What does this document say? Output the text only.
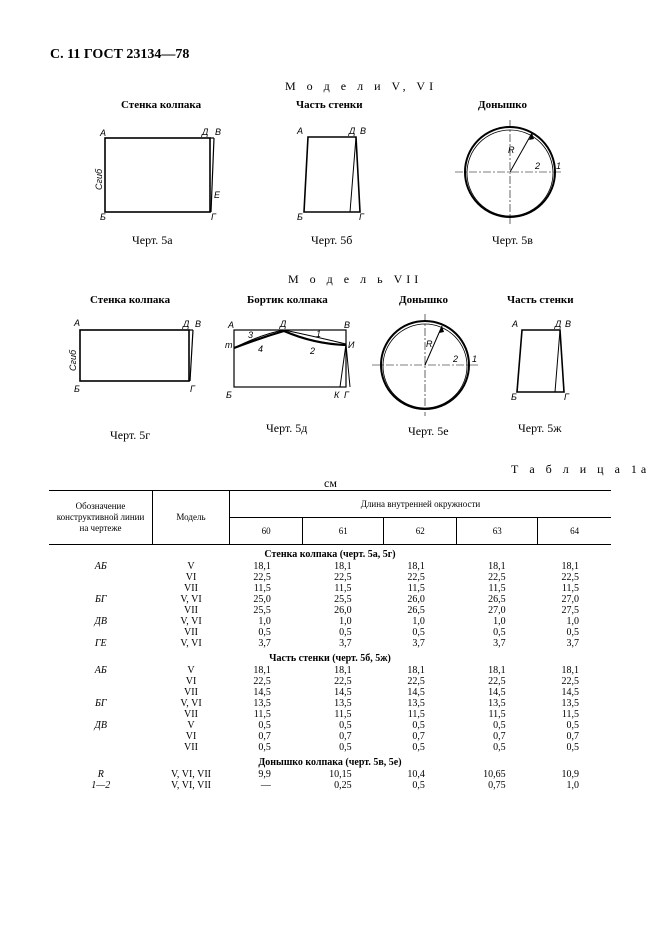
С. 11 ГОСТ 23134—78
М о д е л и V, VI
Стенка колпака	Часть стенки	Донышко
А	Д В
Е
Б	Г
Сгиб
А	Д В
Б	Г
R
2 1
Черт. 5а	Черт. 5б	Черт. 5в
М о д е л ь VII
Стенка колпака	Бортик колпака	Донышко	Часть стенки
А	Д В
Б	Г
Сгиб
А	Д	В
т	И
3
4
1
2
Б	К Г
R
2 1
А	Д В
Б	Г
Черт. 5г	Черт. 5д	Черт. 5е	Черт. 5ж
Т а б л и ц а 1а
см
Обозначение конструктивной линии на чертеже	Модель	Длина внутренней окружности				
		60	61	62	63	64
Стенка колпака (черт. 5а, 5г)						
АБ	V	18,1	18,1	18,1	18,1	18,1
	VI	22,5	22,5	22,5	22,5	22,5
	VII	11,5	11,5	11,5	11,5	11,5
БГ	V, VI	25,0	25,5	26,0	26,5	27,0
	VII	25,5	26,0	26,5	27,0	27,5
ДВ	V, VI	1,0	1,0	1,0	1,0	1,0
	VII	0,5	0,5	0,5	0,5	0,5
ГЕ	V, VI	3,7	3,7	3,7	3,7	3,7
Часть стенки (черт. 5б, 5ж)						
АБ	V	18,1	18,1	18,1	18,1	18,1
	VI	22,5	22,5	22,5	22,5	22,5
	VII	14,5	14,5	14,5	14,5	14,5
БГ	V, VI	13,5	13,5	13,5	13,5	13,5
	VII	11,5	11,5	11,5	11,5	11,5
ДВ	V	0,5	0,5	0,5	0,5	0,5
	VI	0,7	0,7	0,7	0,7	0,7
	VII	0,5	0,5	0,5	0,5	0,5
Донышко колпака (черт. 5в, 5е)						
R	V, VI, VII	9,9	10,15	10,4	10,65	10,9
1—2	V, VI, VII	—	0,25	0,5	0,75	1,0
